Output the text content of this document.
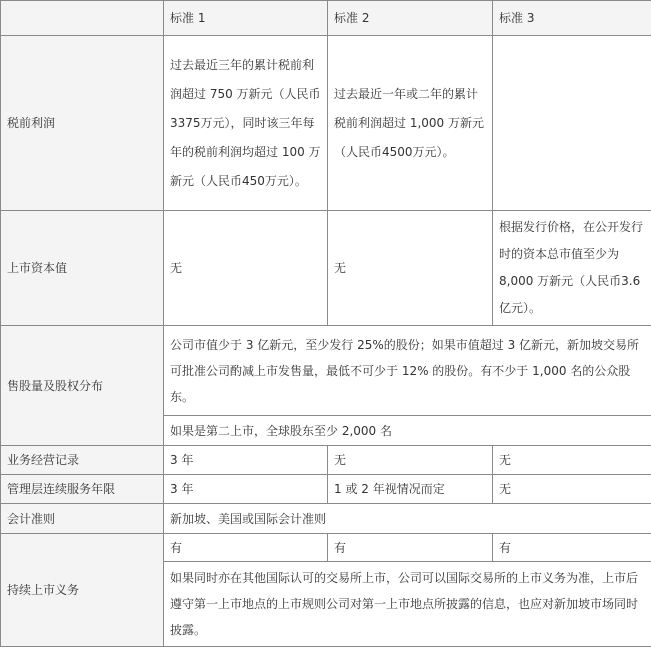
	标准 1	标准 2	标准 3
税前利润	过去最近三年的累计税前利润超过 750 万新元（人民币3375万元），同时该三年每年的税前利润均超过 100 万新元（人民币450万元）。	过去最近一年或二年的累计税前利润超过 1,000 万新元（人民币4500万元）。	
上市资本值	无	无	根据发行价格，在公开发行时的资本总市值至少为 8,000 万新元（人民币3.6亿元）。
售股量及股权分布	公司市值少于 3 亿新元，至少发行 25%的股份；如果市值超过 3 亿新元，新加坡交易所可批准公司酌减上市发售量，最低不可少于 12% 的股份。有不少于 1,000 名的公众股东。		
	如果是第二上市，全球股东至少 2,000 名		
业务经营记录	3 年	无	无
管理层连续服务年限	3 年	1 或 2 年视情况而定	无
会计准则	新加坡、美国或国际会计准则		
持续上市义务	有	有	有
	如果同时亦在其他国际认可的交易所上市，公司可以国际交易所的上市义务为准，上市后遵守第一上市地点的上市规则公司对第一上市地点所披露的信息，也应对新加坡市场同时披露。		
